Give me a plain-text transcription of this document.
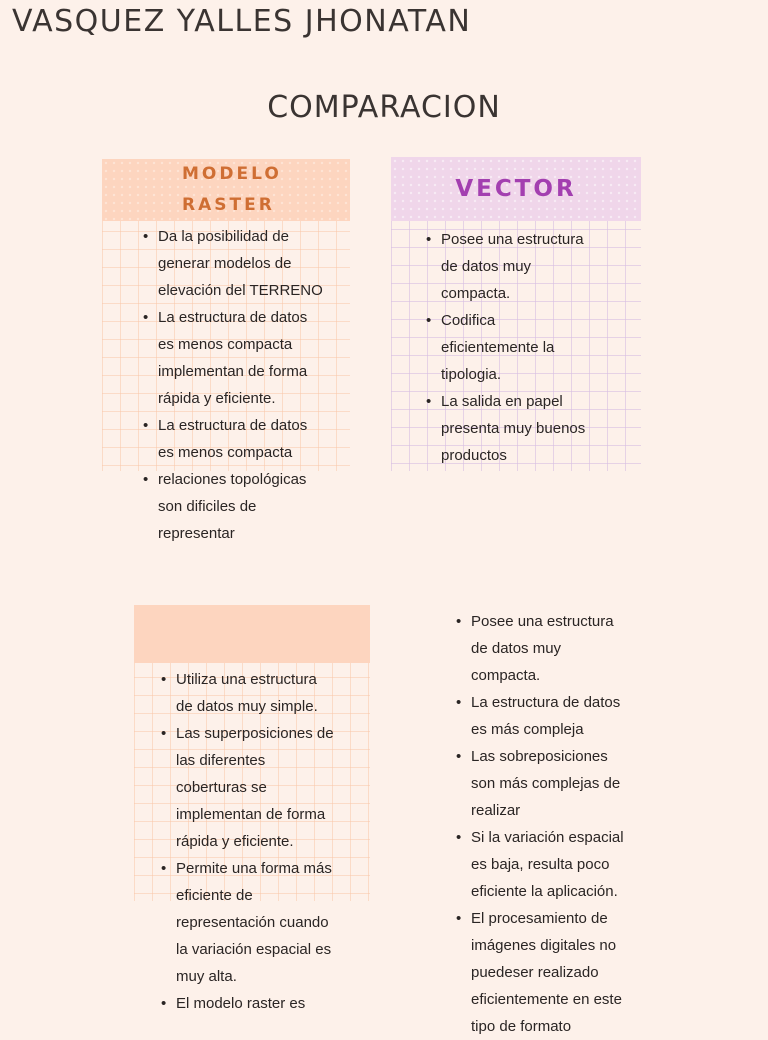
VASQUEZ YALLES JHONATAN
COMPARACION
MODELO
RASTER
• Da la posibilidad de
generar modelos de
elevación del TERRENO
• La estructura de datos
es menos compacta
implementan de forma
rápida y eficiente.
• La estructura de datos
es menos compacta
• relaciones topológicas
son dificiles de
representar
VECTOR
• Posee una estructura
de datos muy
compacta.
• Codifica
eficientemente la
tipologia.
• La salida en papel
presenta muy buenos
productos
• Utiliza una estructura
de datos muy simple.
• Las superposiciones de
las diferentes
coberturas se
implementan de forma
rápida y eficiente.
• Permite una forma más
eficiente de
representación cuando
la variación espacial es
muy alta.
• El modelo raster es
• Posee una estructura
de datos muy
compacta.
• La estructura de datos
es más compleja
• Las sobreposiciones
son más complejas de
realizar
• Si la variación espacial
es baja, resulta poco
eficiente la aplicación.
• El procesamiento de
imágenes digitales no
puedeser realizado
eficientemente en este
tipo de formato
